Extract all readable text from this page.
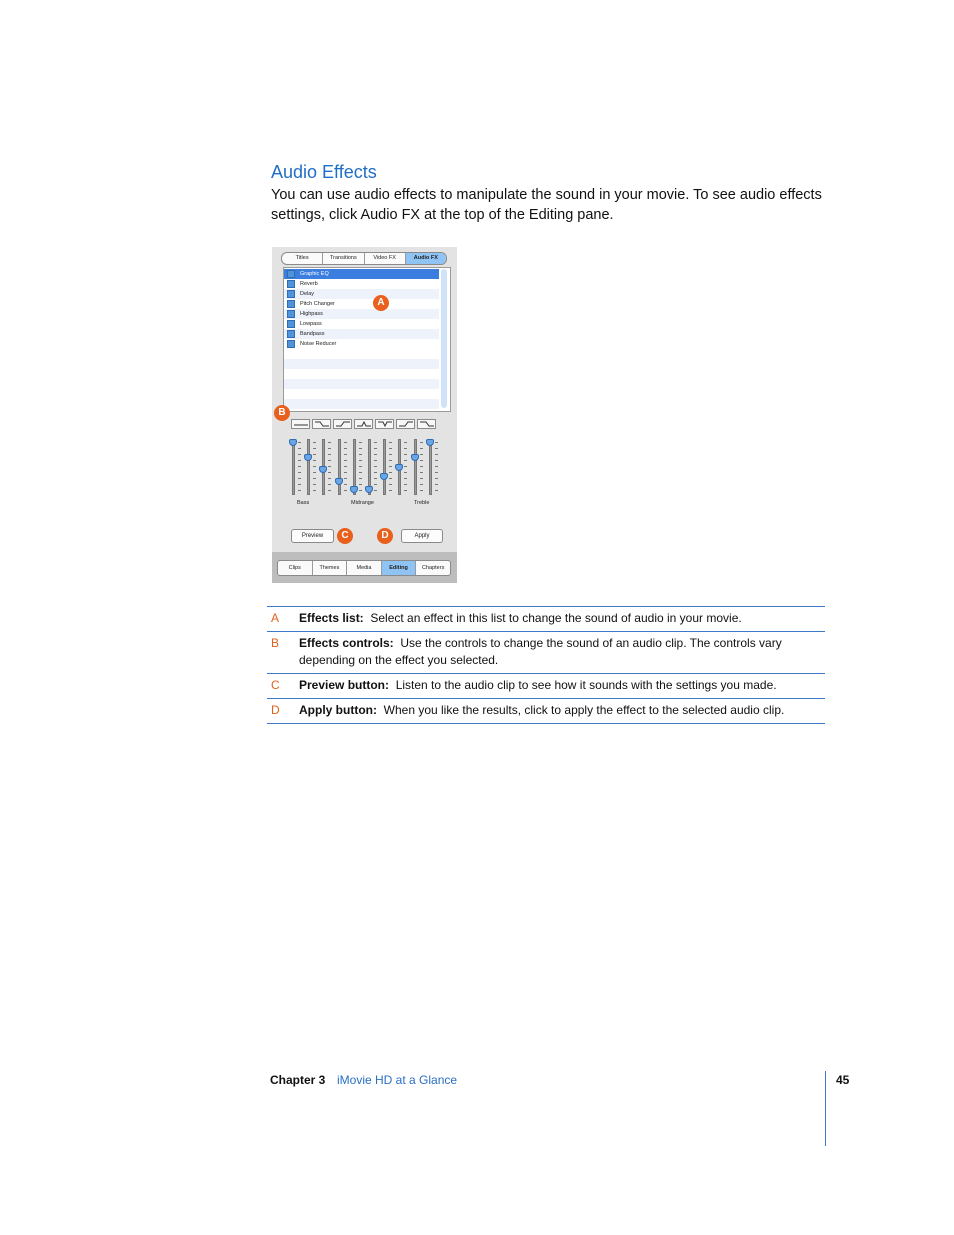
Audio Effects
You can use audio effects to manipulate the sound in your movie. To see audio effects settings, click Audio FX at the top of the Editing pane.
Titles	Transitions	Video FX	Audio FX
Graphic EQ
Reverb
Delay
Pitch Changer
Highpass
Lowpass
Bandpass
Noise Reducer
A
B
Bass	Midrange	Treble
Preview	C	D	Apply
Clips	Themes	Media	Editing	Chapters
A Effects list: Select an effect in this list to change the sound of audio in your movie.
B Effects controls: Use the controls to change the sound of an audio clip. The controls vary depending on the effect you selected.
C Preview button: Listen to the audio clip to see how it sounds with the settings you made.
D Apply button: When you like the results, click to apply the effect to the selected audio clip.
Chapter 3 iMovie HD at a Glance	45
